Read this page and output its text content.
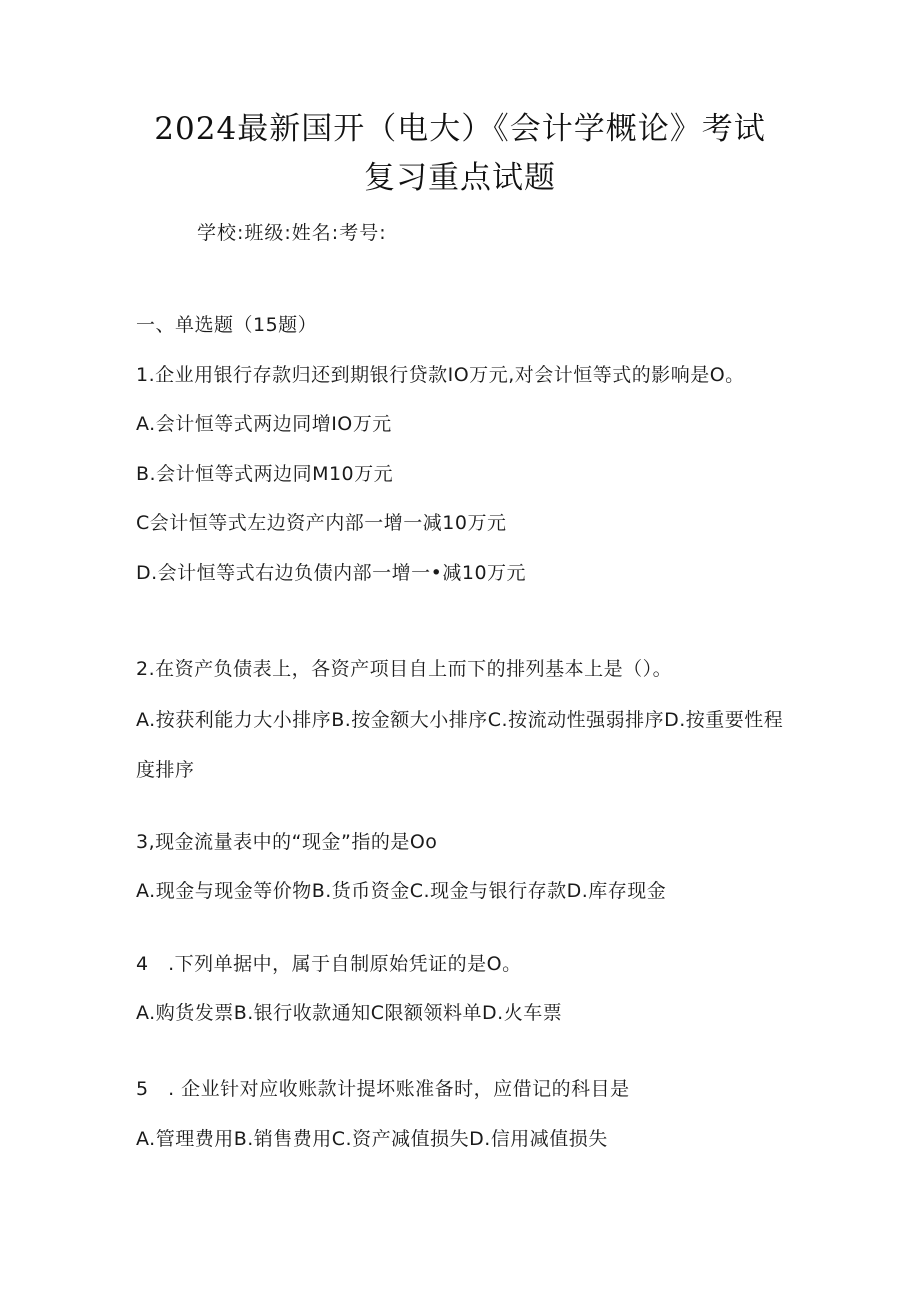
2024最新国开（电大）《会计学概论》考试
复习重点试题
学校:班级:姓名:考号:
一、单选题（15题）
1.企业用银行存款归还到期银行贷款IO万元,对会计恒等式的影响是O。
A.会计恒等式两边同增IO万元
B.会计恒等式两边同M10万元
C会计恒等式左边资产内部一增一减10万元
D.会计恒等式右边负债内部一增一•减10万元
2.在资产负债表上，各资产项目自上而下的排列基本上是（）。
A.按获利能力大小排序B.按金额大小排序C.按流动性强弱排序D.按重要性程
度排序
3,现金流量表中的“现金”指的是Oo
A.现金与现金等价物B.货币资金C.现金与银行存款D.库存现金
4　.下列单据中，属于自制原始凭证的是O。
A.购货发票B.银行收款通知C限额领料单D.火车票
5　. 企业针对应收账款计提坏账准备时，应借记的科目是
A.管理费用B.销售费用C.资产减值损失D.信用减值损失
